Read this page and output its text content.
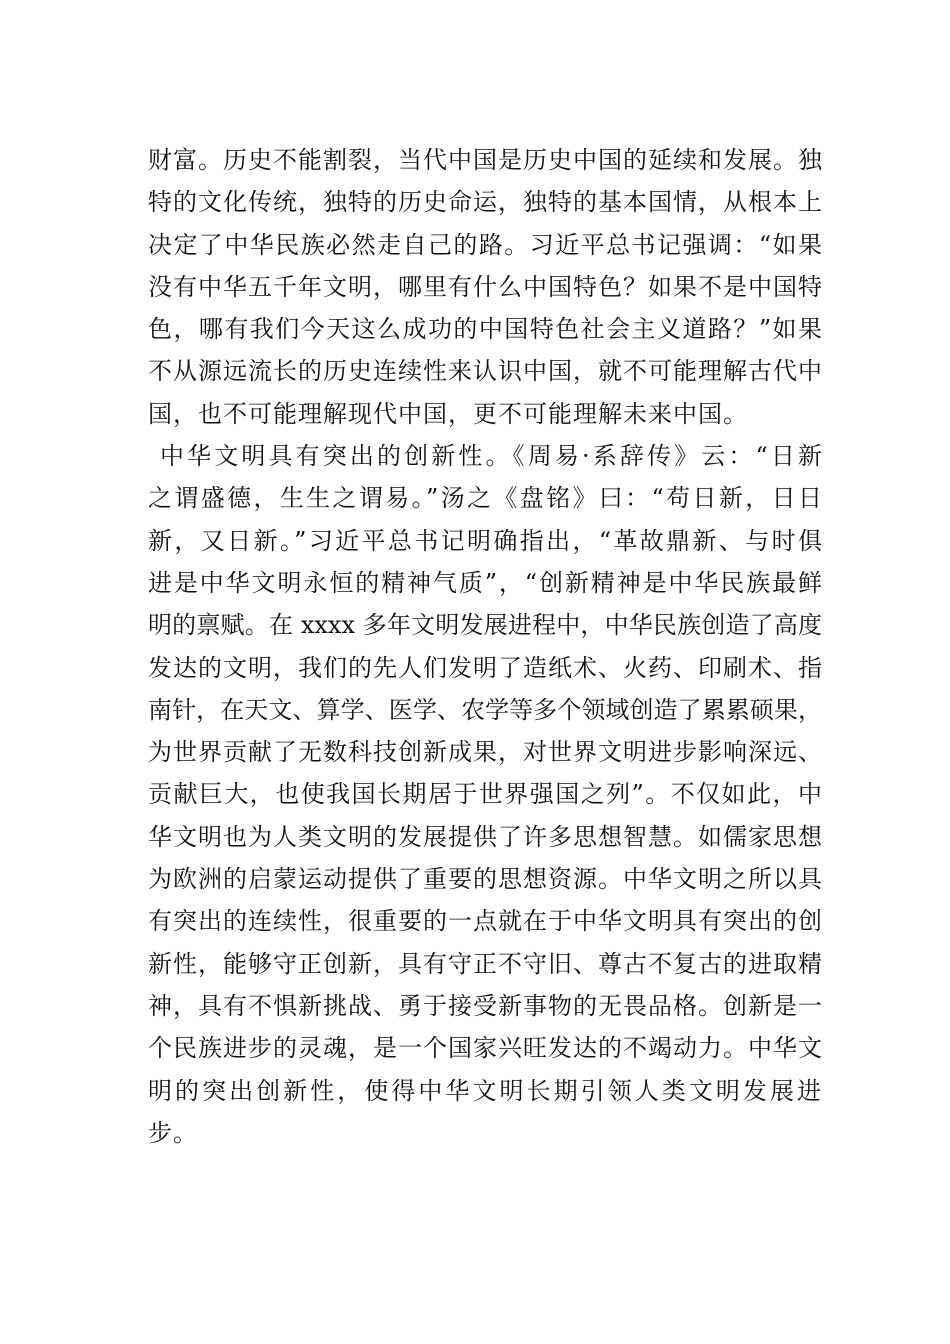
财富。历史不能割裂，当代中国是历史中国的延续和发展。独
特的文化传统，独特的历史命运，独特的基本国情，从根本上
决定了中华民族必然走自己的路。习近平总书记强调：“如果
没有中华五千年文明，哪里有什么中国特色？如果不是中国特
色，哪有我们今天这么成功的中国特色社会主义道路？”如果
不从源远流长的历史连续性来认识中国，就不可能理解古代中
国，也不可能理解现代中国，更不可能理解未来中国。
中华文明具有突出的创新性。《周易·系辞传》云：“日新
之谓盛德，生生之谓易。”汤之《盘铭》曰：“苟日新，日日
新，又日新。”习近平总书记明确指出，“革故鼎新、与时俱
进是中华文明永恒的精神气质”，“创新精神是中华民族最鲜
明的禀赋。在 xxxx 多年文明发展进程中，中华民族创造了高度
发达的文明，我们的先人们发明了造纸术、火药、印刷术、指
南针，在天文、算学、医学、农学等多个领域创造了累累硕果，
为世界贡献了无数科技创新成果，对世界文明进步影响深远、
贡献巨大，也使我国长期居于世界强国之列”。不仅如此，中
华文明也为人类文明的发展提供了许多思想智慧。如儒家思想
为欧洲的启蒙运动提供了重要的思想资源。中华文明之所以具
有突出的连续性，很重要的一点就在于中华文明具有突出的创
新性，能够守正创新，具有守正不守旧、尊古不复古的进取精
神，具有不惧新挑战、勇于接受新事物的无畏品格。创新是一
个民族进步的灵魂，是一个国家兴旺发达的不竭动力。中华文
明的突出创新性，使得中华文明长期引领人类文明发展进步。
